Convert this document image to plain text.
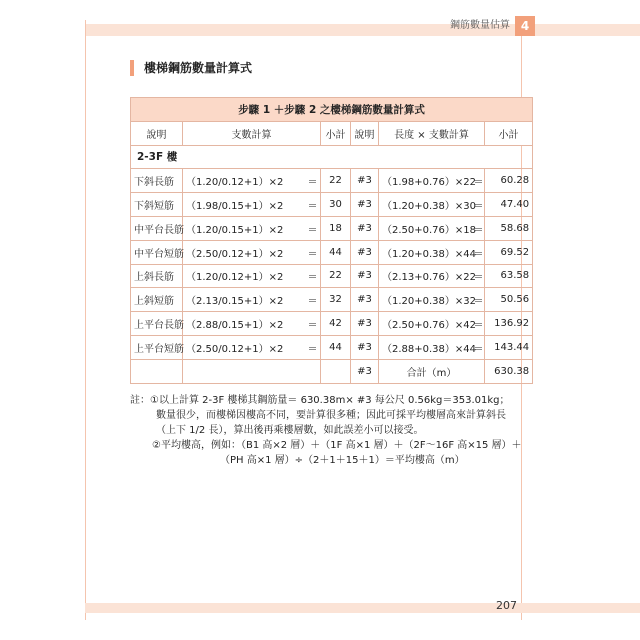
鋼筋數量估算 4
樓梯鋼筋數量計算式
步驟 1 ＋步驟 2 之樓梯鋼筋數量計算式							
說明	支數計算		小計	說明	長度 × 支數計算		小計
2-3F 樓							
下斜長筋	（1.20/0.12+1）×2	＝	22	#3	（1.98+0.76）×22	＝	60.28
下斜短筋	（1.98/0.15+1）×2	＝	30	#3	（1.20+0.38）×30	＝	47.40
中平台長筋	（1.20/0.15+1）×2	＝	18	#3	（2.50+0.76）×18	＝	58.68
中平台短筋	（2.50/0.12+1）×2	＝	44	#3	（1.20+0.38）×44	＝	69.52
上斜長筋	（1.20/0.12+1）×2	＝	22	#3	（2.13+0.76）×22	＝	63.58
上斜短筋	（2.13/0.15+1）×2	＝	32	#3	（1.20+0.38）×32	＝	50.56
上平台長筋	（2.88/0.15+1）×2	＝	42	#3	（2.50+0.76）×42	＝	136.92
上平台短筋	（2.50/0.12+1）×2	＝	44	#3	（2.88+0.38）×44	＝	143.44
				#3	合計（m）		630.38
註：①以上計算 2-3F 樓梯其鋼筋量＝ 630.38m× #3 每公尺 0.56kg＝353.01kg；
數量很少，而樓梯因樓高不同，要計算很多種；因此可採平均樓層高來計算斜長
（上下 1/2 長），算出後再乘樓層數，如此誤差小可以接受。
②平均樓高，例如：（B1 高×2 層）＋（1F 高×1 層）＋（2F～16F 高×15 層）＋
（PH 高×1 層）÷（2＋1＋15＋1）＝平均樓高（m）
207
